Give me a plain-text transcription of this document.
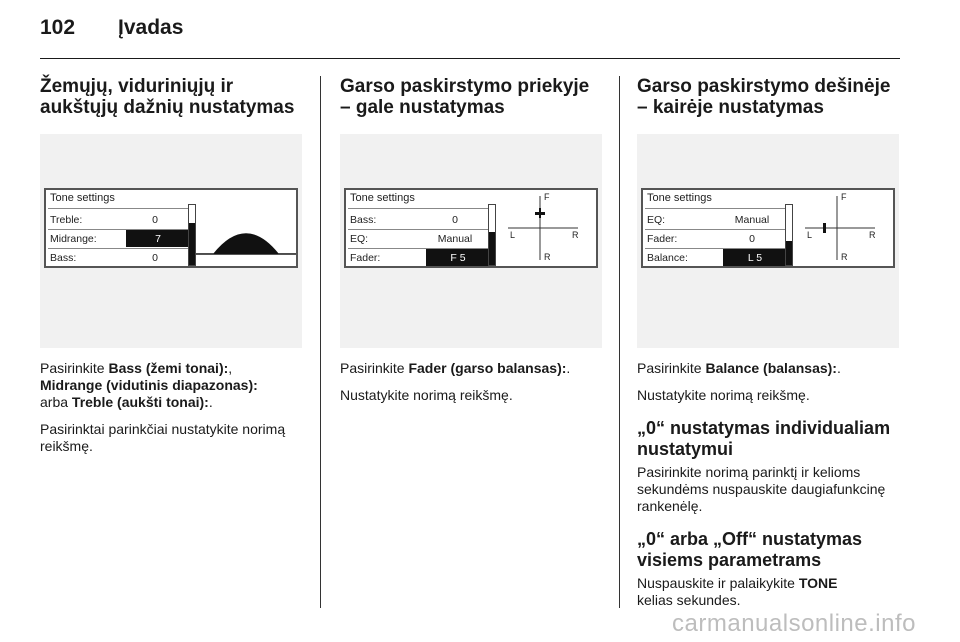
102	Įvadas
Žemųjų, viduriniųjų ir aukštųjų dažnių nustatymas
Tone settings
Treble:	0
Midrange:	7
Bass:	0

Pasirinkite Bass (žemi tonai):,
Midrange (vidutinis diapazonas):
arba Treble (aukšti tonai):.

Pasirinktai parinkčiai nustatykite norimą reikšmę.

Garso paskirstymo priekyje – gale nustatymas
Tone settings
Bass:	0
EQ:	Manual
Fader:	F 5
F
R
L	R

Pasirinkite Fader (garso balansas):.

Nustatykite norimą reikšmę.

Garso paskirstymo dešinėje – kairėje nustatymas
Tone settings
EQ:	Manual
Fader:	0
Balance:	L 5
F
R
L	R

Pasirinkite Balance (balansas):.

Nustatykite norimą reikšmę.

„0“ nustatymas individualiam nustatymui

Pasirinkite norimą parinktį ir kelioms sekundėms nuspauskite daugiafunkcinę rankenėlę.

„0“ arba „Off“ nustatymas visiems parametrams

Nuspauskite ir palaikykite TONE
kelias sekundes.

carmanualsonline.info
